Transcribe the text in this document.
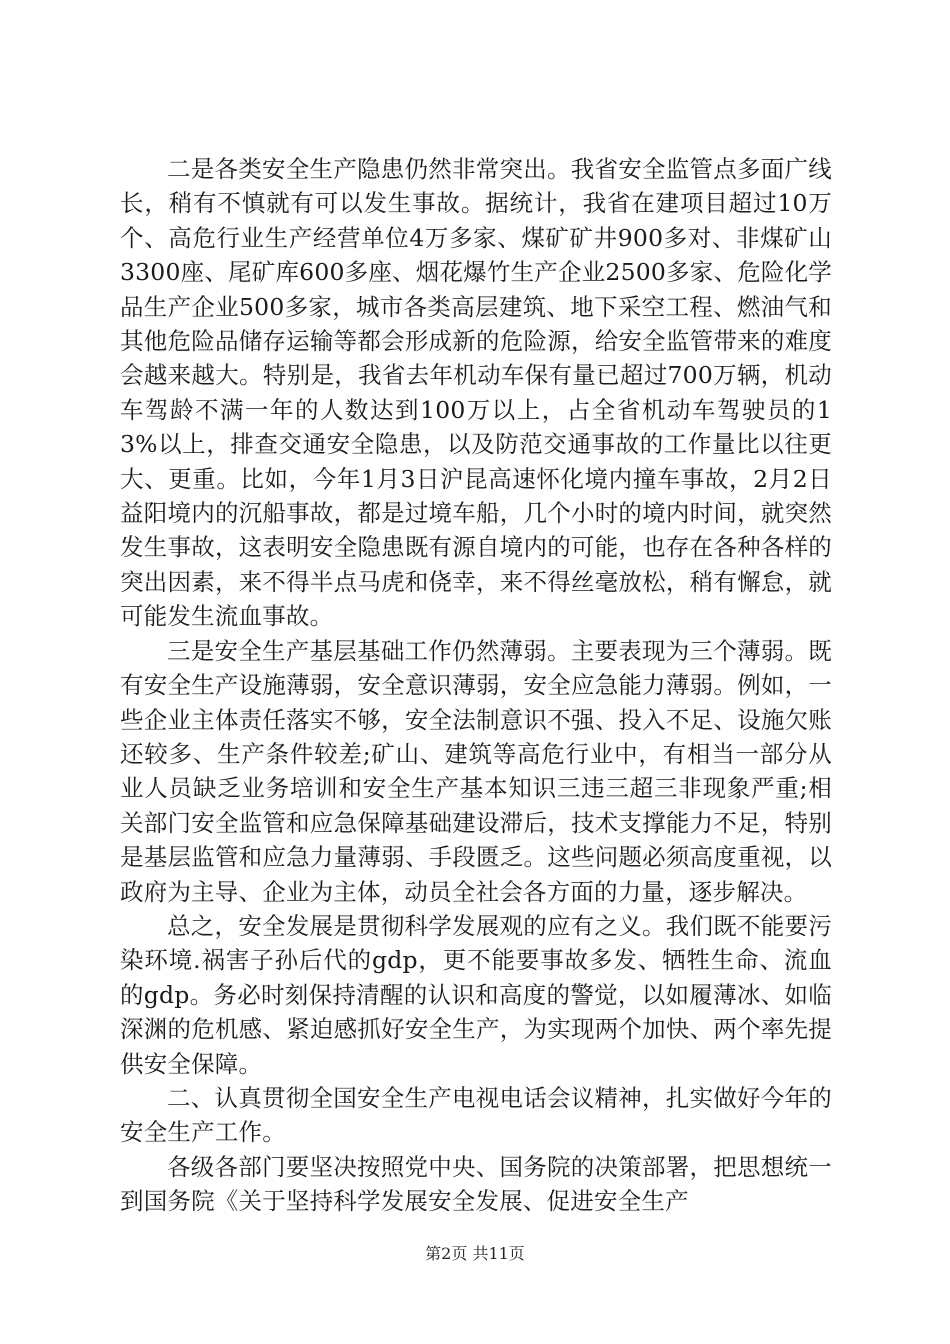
二是各类安全生产隐患仍然非常突出。我省安全监管点多面广线长，稍有不慎就有可以发生事故。据统计，我省在建项目超过10万个、高危行业生产经营单位4万多家、煤矿矿井900多对、非煤矿山3300座、尾矿库600多座、烟花爆竹生产企业2500多家、危险化学品生产企业500多家，城市各类高层建筑、地下采空工程、燃油气和其他危险品储存运输等都会形成新的危险源，给安全监管带来的难度会越来越大。特别是，我省去年机动车保有量已超过700万辆，机动车驾龄不满一年的人数达到100万以上，占全省机动车驾驶员的13%以上，排查交通安全隐患，以及防范交通事故的工作量比以往更大、更重。比如，今年1月3日沪昆高速怀化境内撞车事故，2月2日益阳境内的沉船事故，都是过境车船，几个小时的境内时间，就突然发生事故，这表明安全隐患既有源自境内的可能，也存在各种各样的突出因素，来不得半点马虎和侥幸，来不得丝毫放松，稍有懈怠，就可能发生流血事故。

三是安全生产基层基础工作仍然薄弱。主要表现为三个薄弱。既有安全生产设施薄弱，安全意识薄弱，安全应急能力薄弱。例如，一些企业主体责任落实不够，安全法制意识不强、投入不足、设施欠账还较多、生产条件较差;矿山、建筑等高危行业中，有相当一部分从业人员缺乏业务培训和安全生产基本知识三违三超三非现象严重;相关部门安全监管和应急保障基础建设滞后，技术支撑能力不足，特别是基层监管和应急力量薄弱、手段匮乏。这些问题必须高度重视，以政府为主导、企业为主体，动员全社会各方面的力量，逐步解决。

总之，安全发展是贯彻科学发展观的应有之义。我们既不能要污染环境.祸害子孙后代的gdp，更不能要事故多发、牺牲生命、流血的gdp。务必时刻保持清醒的认识和高度的警觉，以如履薄冰、如临深渊的危机感、紧迫感抓好安全生产，为实现两个加快、两个率先提供安全保障。

二、认真贯彻全国安全生产电视电话会议精神，扎实做好今年的安全生产工作。

各级各部门要坚决按照党中央、国务院的决策部署，把思想统一到国务院《关于坚持科学发展安全发展、促进安全生产

第2页 共11页
